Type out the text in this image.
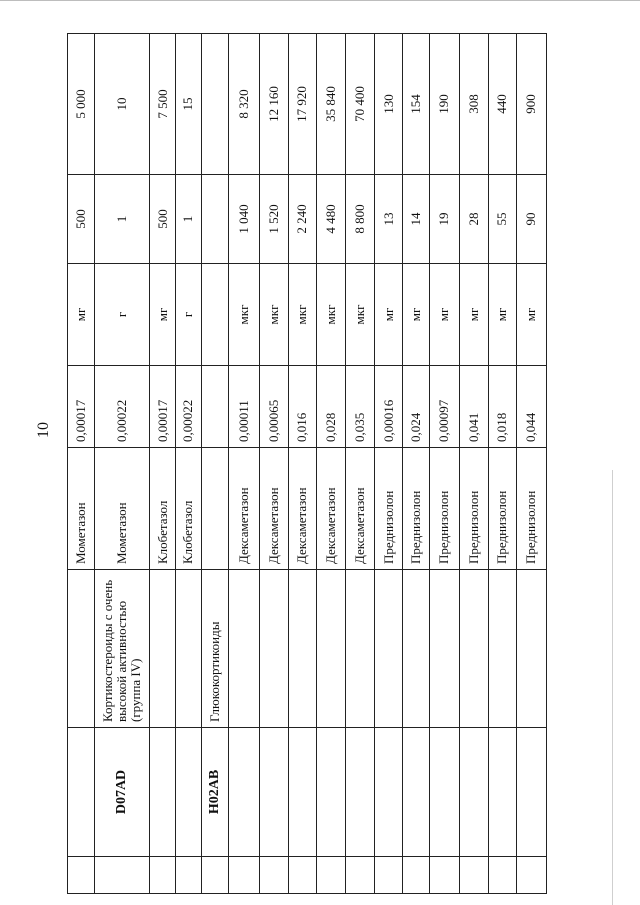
10
			Мометазон	0,00017	мг	500	5 000
	D07AD	Кортикостероиды с очень высокой активностью (группа IV)	Мометазон	0,00022	г	1	10
			Клобетазол	0,00017	мг	500	7 500
			Клобетазол	0,00022	г	1	15
	H02AB	Глюкокортикоиды					
			Дексаметазон	0,00011	мкг	1 040	8 320
			Дексаметазон	0,00065	мкг	1 520	12 160
			Дексаметазон	0,016	мкг	2 240	17 920
			Дексаметазон	0,028	мкг	4 480	35 840
			Дексаметазон	0,035	мкг	8 800	70 400
			Преднизолон	0,00016	мг	13	130
			Преднизолон	0,024	мг	14	154
			Преднизолон	0,00097	мг	19	190
			Преднизолон	0,041	мг	28	308
			Преднизолон	0,018	мг	55	440
			Преднизолон	0,044	мг	90	900
